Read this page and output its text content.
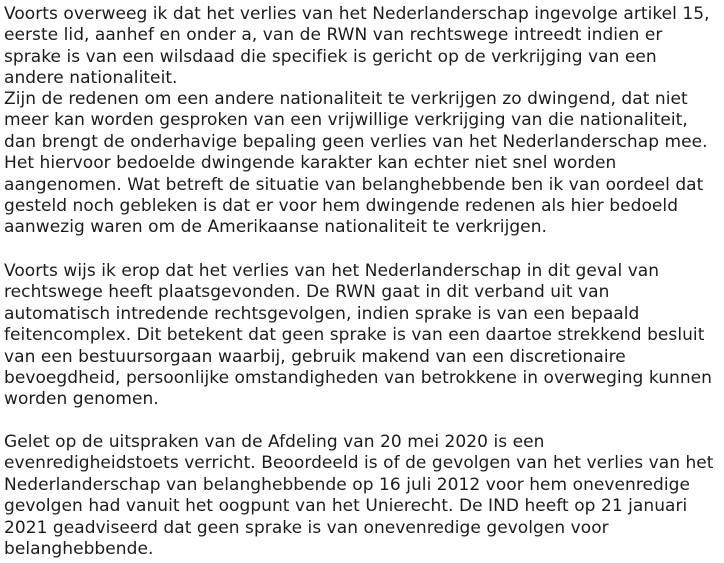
Voorts overweeg ik dat het verlies van het Nederlanderschap ingevolge artikel 15,
eerste lid, aanhef en onder a, van de RWN van rechtswege intreedt indien er
sprake is van een wilsdaad die specifiek is gericht op de verkrijging van een
andere nationaliteit.
Zijn de redenen om een andere nationaliteit te verkrijgen zo dwingend, dat niet
meer kan worden gesproken van een vrijwillige verkrijging van die nationaliteit,
dan brengt de onderhavige bepaling geen verlies van het Nederlanderschap mee.
Het hiervoor bedoelde dwingende karakter kan echter niet snel worden
aangenomen. Wat betreft de situatie van belanghebbende ben ik van oordeel dat
gesteld noch gebleken is dat er voor hem dwingende redenen als hier bedoeld
aanwezig waren om de Amerikaanse nationaliteit te verkrijgen.
Voorts wijs ik erop dat het verlies van het Nederlanderschap in dit geval van
rechtswege heeft plaatsgevonden. De RWN gaat in dit verband uit van
automatisch intredende rechtsgevolgen, indien sprake is van een bepaald
feitencomplex. Dit betekent dat geen sprake is van een daartoe strekkend besluit
van een bestuursorgaan waarbij, gebruik makend van een discretionaire
bevoegdheid, persoonlijke omstandigheden van betrokkene in overweging kunnen
worden genomen.
Gelet op de uitspraken van de Afdeling van 20 mei 2020 is een
evenredigheidstoets verricht. Beoordeeld is of de gevolgen van het verlies van het
Nederlanderschap van belanghebbende op 16 juli 2012 voor hem onevenredige
gevolgen had vanuit het oogpunt van het Unierecht. De IND heeft op 21 januari
2021 geadviseerd dat geen sprake is van onevenredige gevolgen voor
belanghebbende.
